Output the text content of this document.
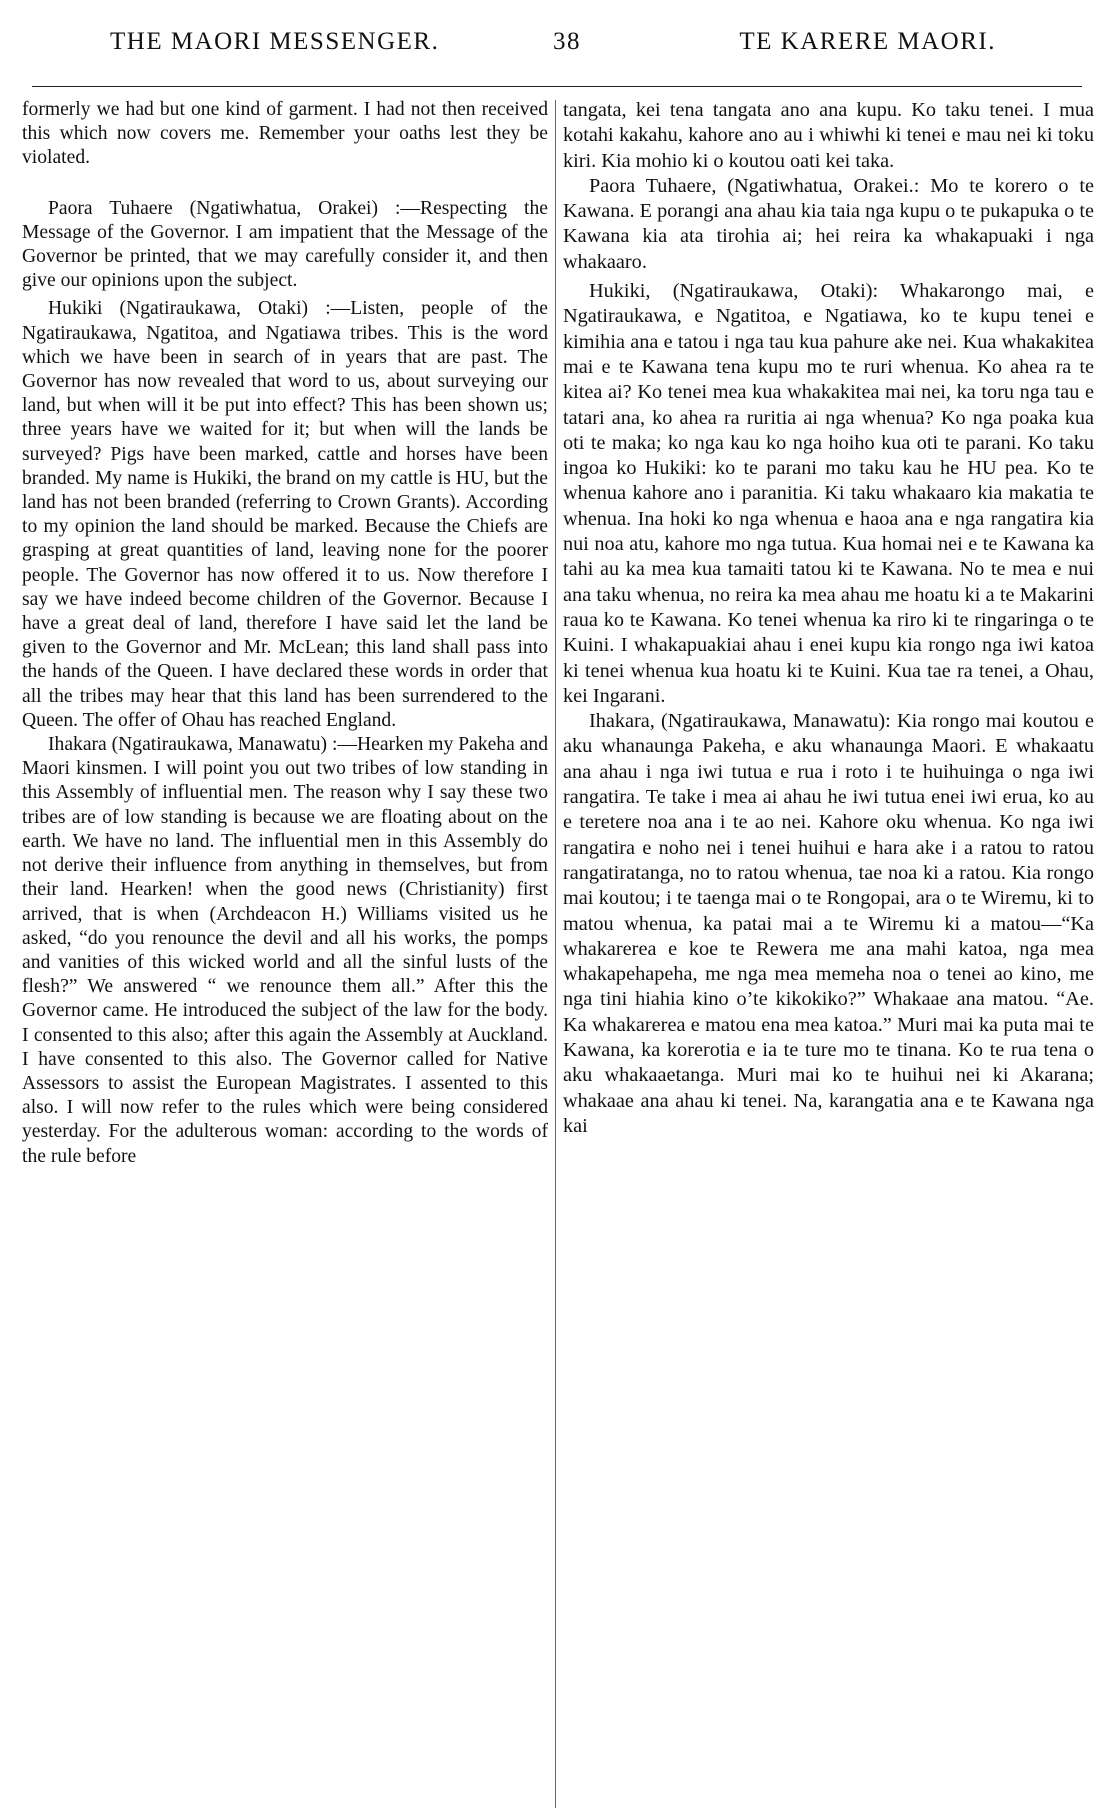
THE MAORI MESSENGER.	38	TE KARERE MAORI.

formerly we had but one kind of garment. I had not then received this which now covers me. Remember your oaths lest they be violated.

Paora Tuhaere (Ngatiwhatua, Orakei) :—Respecting the Message of the Governor. I am impatient that the Message of the Governor be printed, that we may carefully consider it, and then give our opinions upon the subject.

Hukiki (Ngatiraukawa, Otaki) :—Listen, people of the Ngatiraukawa, Ngatitoa, and Ngatiawa tribes. This is the word which we have been in search of in years that are past. The Governor has now revealed that word to us, about surveying our land, but when will it be put into effect? This has been shown us; three years have we waited for it; but when will the lands be surveyed? Pigs have been marked, cattle and horses have been branded. My name is Hukiki, the brand on my cattle is HU, but the land has not been branded (referring to Crown Grants). According to my opinion the land should be marked. Because the Chiefs are grasping at great quantities of land, leaving none for the poorer people. The Governor has now offered it to us. Now therefore I say we have indeed become children of the Governor. Because I have a great deal of land, therefore I have said let the land be given to the Governor and Mr. McLean; this land shall pass into the hands of the Queen. I have declared these words in order that all the tribes may hear that this land has been surrendered to the Queen. The offer of Ohau has reached England.

Ihakara (Ngatiraukawa, Manawatu) :—Hearken my Pakeha and Maori kinsmen. I will point you out two tribes of low standing in this Assembly of influential men. The reason why I say these two tribes are of low standing is because we are floating about on the earth. We have no land. The influential men in this Assembly do not derive their influence from anything in themselves, but from their land. Hearken! when the good news (Christianity) first arrived, that is when (Archdeacon H.) Williams visited us he asked, “do you renounce the devil and all his works, the pomps and vanities of this wicked world and all the sinful lusts of the flesh?” We answered “ we renounce them all.” After this the Governor came. He introduced the subject of the law for the body. I consented to this also; after this again the Assembly at Auckland. I have consented to this also. The Governor called for Native Assessors to assist the European Magistrates. I assented to this also. I will now refer to the rules which were being considered yesterday. For the adulterous woman: according to the words of the rule before

tangata, kei tena tangata ano ana kupu. Ko taku tenei. I mua kotahi kakahu, kahore ano au i whiwhi ki tenei e mau nei ki toku kiri. Kia mohio ki o koutou oati kei taka.

Paora Tuhaere, (Ngatiwhatua, Orakei.: Mo te korero o te Kawana. E porangi ana ahau kia taia nga kupu o te pukapuka o te Kawana kia ata tirohia ai; hei reira ka whakapuaki i nga whakaaro.

Hukiki, (Ngatiraukawa, Otaki): Whakarongo mai, e Ngatiraukawa, e Ngatitoa, e Ngatiawa, ko te kupu tenei e kimihia ana e tatou i nga tau kua pahure ake nei. Kua whakakitea mai e te Kawana tena kupu mo te ruri whenua. Ko ahea ra te kitea ai? Ko tenei mea kua whakakitea mai nei, ka toru nga tau e tatari ana, ko ahea ra ruritia ai nga whenua? Ko nga poaka kua oti te maka; ko nga kau ko nga hoiho kua oti te parani. Ko taku ingoa ko Hukiki: ko te parani mo taku kau he HU pea. Ko te whenua kahore ano i paranitia. Ki taku whakaaro kia makatia te whenua. Ina hoki ko nga whenua e haoa ana e nga rangatira kia nui noa atu, kahore mo nga tutua. Kua homai nei e te Kawana ka tahi au ka mea kua tamaiti tatou ki te Kawana. No te mea e nui ana taku whenua, no reira ka mea ahau me hoatu ki a te Makarini raua ko te Kawana. Ko tenei whenua ka riro ki te ringaringa o te Kuini. I whakapuakiai ahau i enei kupu kia rongo nga iwi katoa ki tenei whenua kua hoatu ki te Kuini. Kua tae ra tenei, a Ohau, kei Ingarani.

Ihakara, (Ngatiraukawa, Manawatu): Kia rongo mai koutou e aku whanaunga Pakeha, e aku whanaunga Maori. E whakaatu ana ahau i nga iwi tutua e rua i roto i te huihuinga o nga iwi rangatira. Te take i mea ai ahau he iwi tutua enei iwi erua, ko au e teretere noa ana i te ao nei. Kahore oku whenua. Ko nga iwi rangatira e noho nei i tenei huihui e hara ake i a ratou to ratou rangatiratanga, no to ratou whenua, tae noa ki a ratou. Kia rongo mai koutou; i te taenga mai o te Rongopai, ara o te Wiremu, ki to matou whenua, ka patai mai a te Wiremu ki a matou—“Ka whakarerea e koe te Rewera me ana mahi katoa, nga mea whakapehapeha, me nga mea memeha noa o tenei ao kino, me nga tini hiahia kino o’te kikokiko?” Whakaae ana matou. “Ae. Ka whakarerea e matou ena mea katoa.” Muri mai ka puta mai te Kawana, ka korerotia e ia te ture mo te tinana. Ko te rua tena o aku whakaaetanga. Muri mai ko te huihui nei ki Akarana; whakaae ana ahau ki tenei. Na, karangatia ana e te Kawana nga kai
